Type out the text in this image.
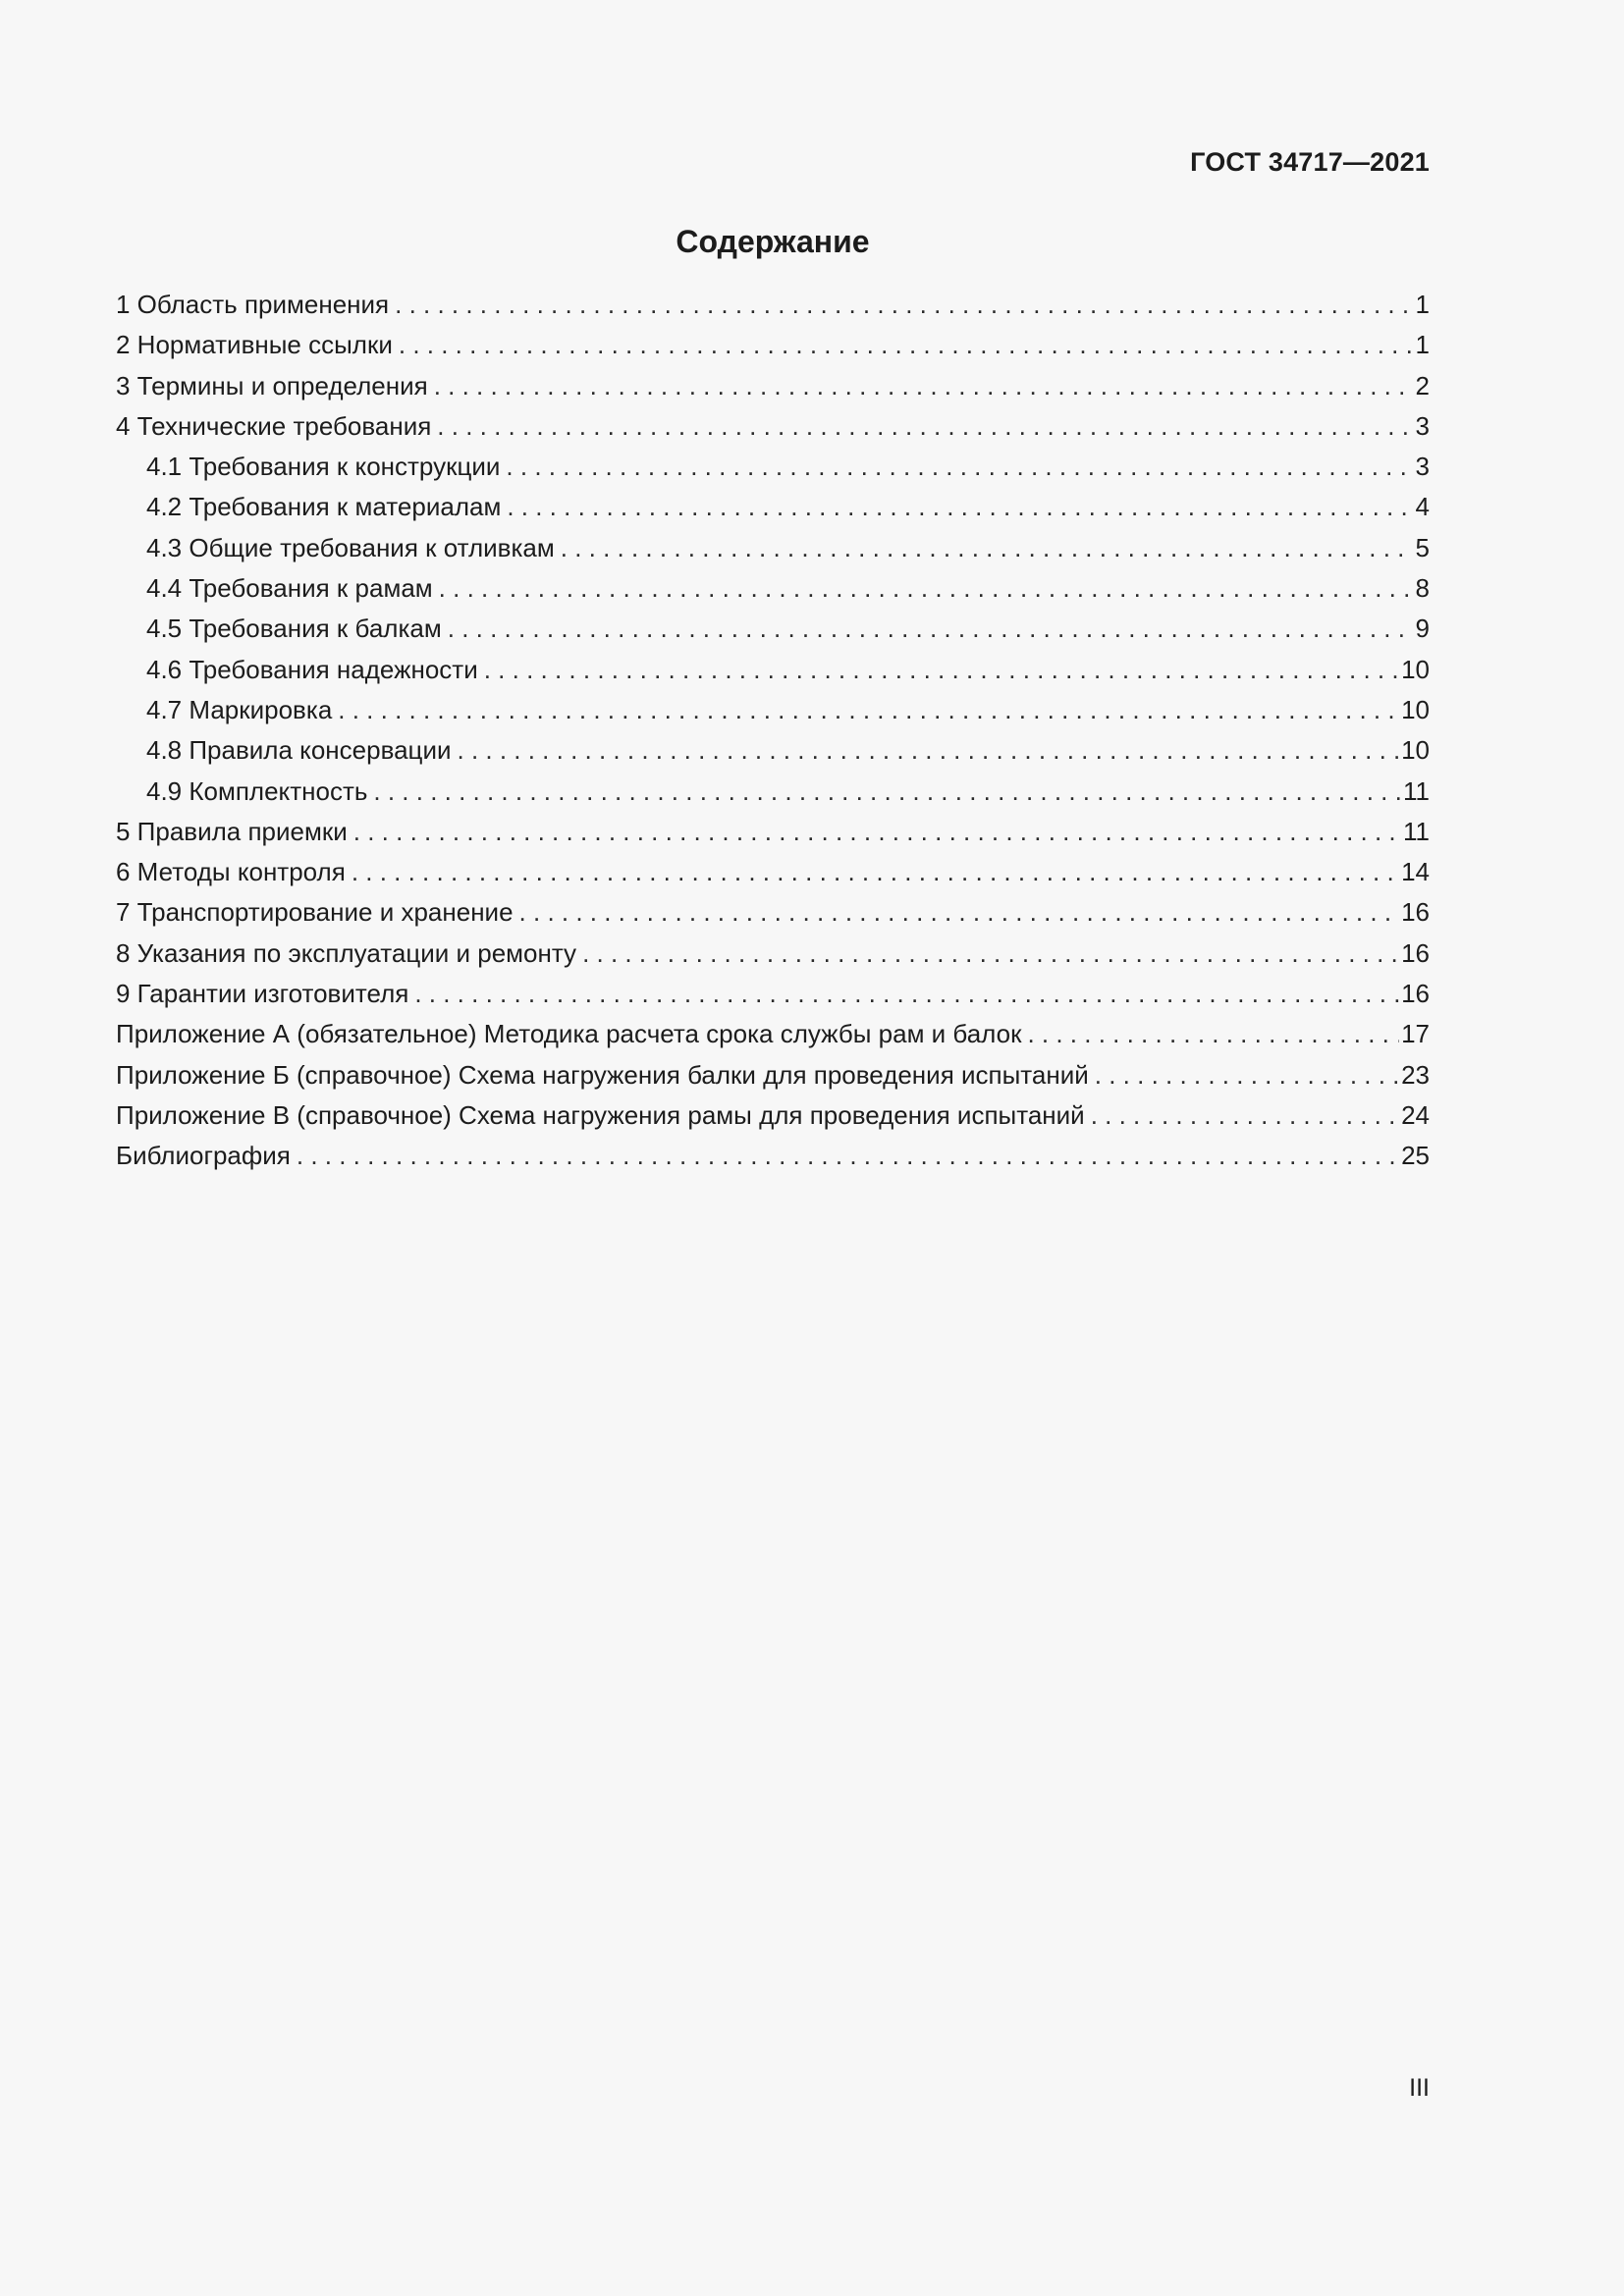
ГОСТ 34717—2021
Содержание
1 Область применения . . .	1
2 Нормативные ссылки . . .	1
3 Термины и определения . . .	2
4 Технические требования . . .	3
4.1 Требования к конструкции . . .	3
4.2 Требования к материалам . . .	4
4.3 Общие требования к отливкам . . .	5
4.4 Требования к рамам . . .	8
4.5 Требования к балкам . . .	9
4.6 Требования надежности . . .	10
4.7 Маркировка . . .	10
4.8 Правила консервации . . .	10
4.9 Комплектность . . .	11
5 Правила приемки . . .	11
6 Методы контроля . . .	14
7 Транспортирование и хранение . . .	16
8 Указания по эксплуатации и ремонту . . .	16
9 Гарантии изготовителя . . .	16
Приложение А (обязательное) Методика расчета срока службы рам и балок . . .	17
Приложение Б (справочное) Схема нагружения балки для проведения испытаний . . .	23
Приложение В (справочное) Схема нагружения рамы для проведения испытаний . . .	24
Библиография . . .	25
III
